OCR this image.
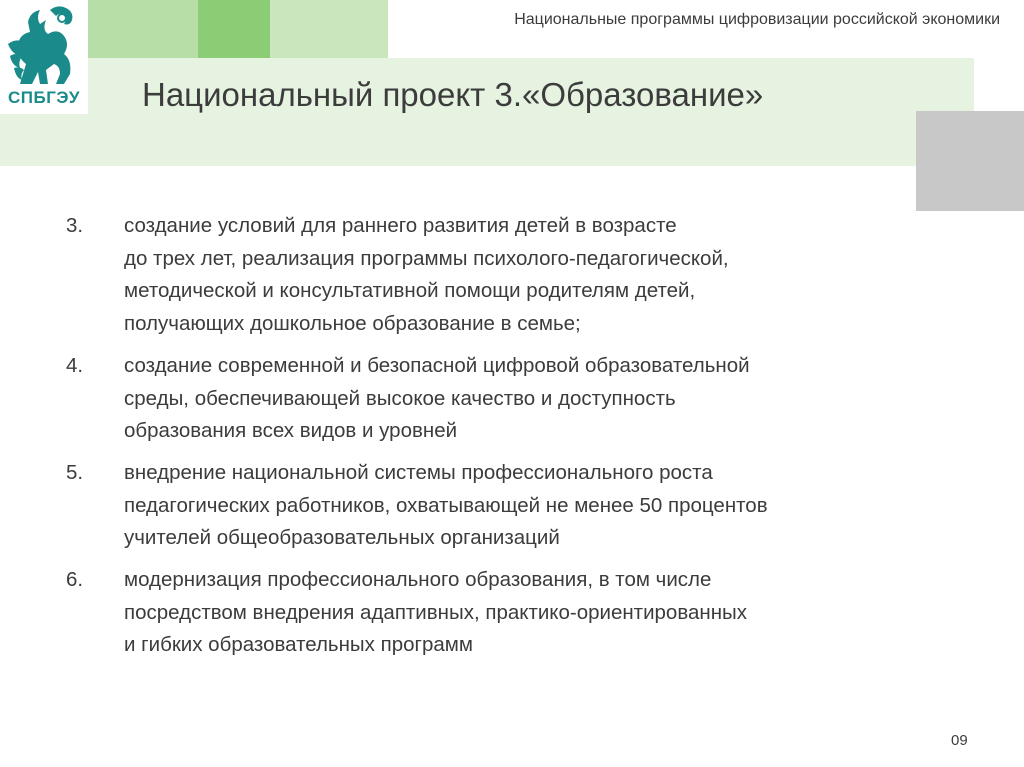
СПБГЭУ
Национальные программы цифровизации российской экономики
Национальный проект 3.«Образование»
3. создание условий для раннего развития детей в возрасте
до трех лет, реализация программы психолого-педагогической,
методической и консультативной помощи родителям детей,
получающих дошкольное образование в семье;
4. создание современной и безопасной цифровой образовательной
среды, обеспечивающей высокое качество и доступность
образования всех видов и уровней
5. внедрение национальной системы профессионального роста
педагогических работников, охватывающей не менее 50 процентов
учителей общеобразовательных организаций
6. модернизация профессионального образования, в том числе
посредством внедрения адаптивных, практико-ориентированных
и гибких образовательных программ
09
